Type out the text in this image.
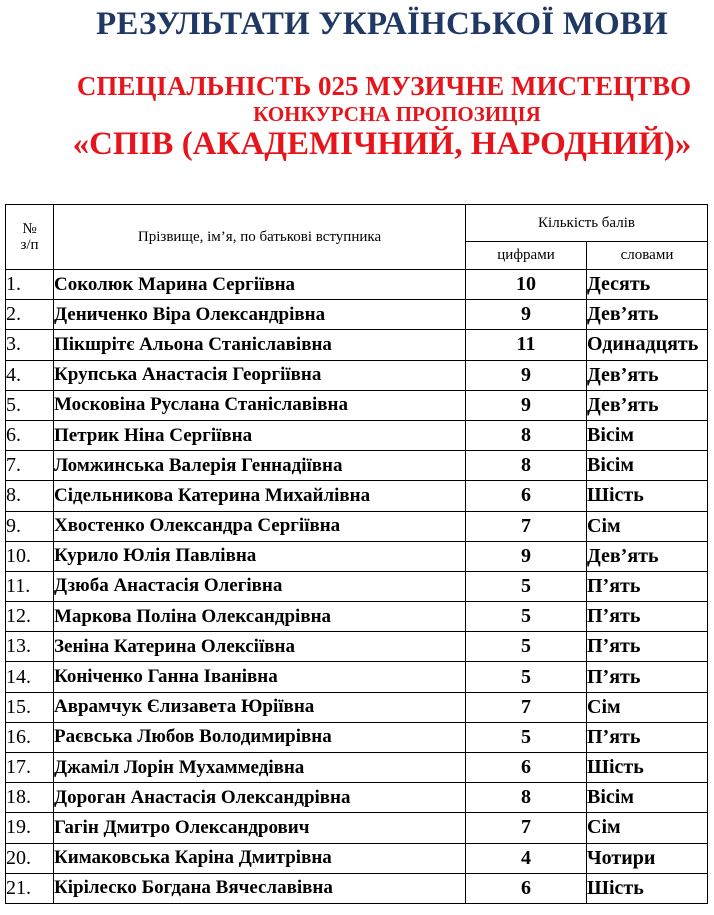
РЕЗУЛЬТАТИ УКРАЇНСЬКОЇ МОВИ
СПЕЦІАЛЬНІСТЬ 025 МУЗИЧНЕ МИСТЕЦТВО
КОНКУРСНА ПРОПОЗИЦІЯ
«СПІВ (АКАДЕМІЧНИЙ, НАРОДНИЙ)»
№
з/п	Прізвище, ім’я, по батькові вступника	Кількість балів	
		цифрами	словами
1.	Соколюк Марина Сергіївна	10	Десять
2.	Дениченко Віра Олександрівна	9	Дев’ять
3.	Пікшрітє Альона Станіславівна	11	Одинадцять
4.	Крупська Анастасія Георгіївна	9	Дев’ять
5.	Московіна Руслана Станіславівна	9	Дев’ять
6.	Петрик Ніна Сергіївна	8	Вісім
7.	Ломжинська Валерія Геннадіївна	8	Вісім
8.	Сідельникова Катерина Михайлівна	6	Шість
9.	Хвостенко Олександра Сергіївна	7	Сім
10.	Курило Юлія Павлівна	9	Дев’ять
11.	Дзюба Анастасія Олегівна	5	П’ять
12.	Маркова Поліна Олександрівна	5	П’ять
13.	Зеніна Катерина Олексіївна	5	П’ять
14.	Коніченко Ганна Іванівна	5	П’ять
15.	Аврамчук Єлизавета Юріївна	7	Сім
16.	Раєвська Любов Володимирівна	5	П’ять
17.	Джаміл Лорін Мухаммедівна	6	Шість
18.	Дороган Анастасія Олександрівна	8	Вісім
19.	Гагін Дмитро Олександрович	7	Сім
20.	Кимаковська Каріна Дмитрівна	4	Чотири
21.	Кірілеско Богдана Вячеславівна	6	Шість
